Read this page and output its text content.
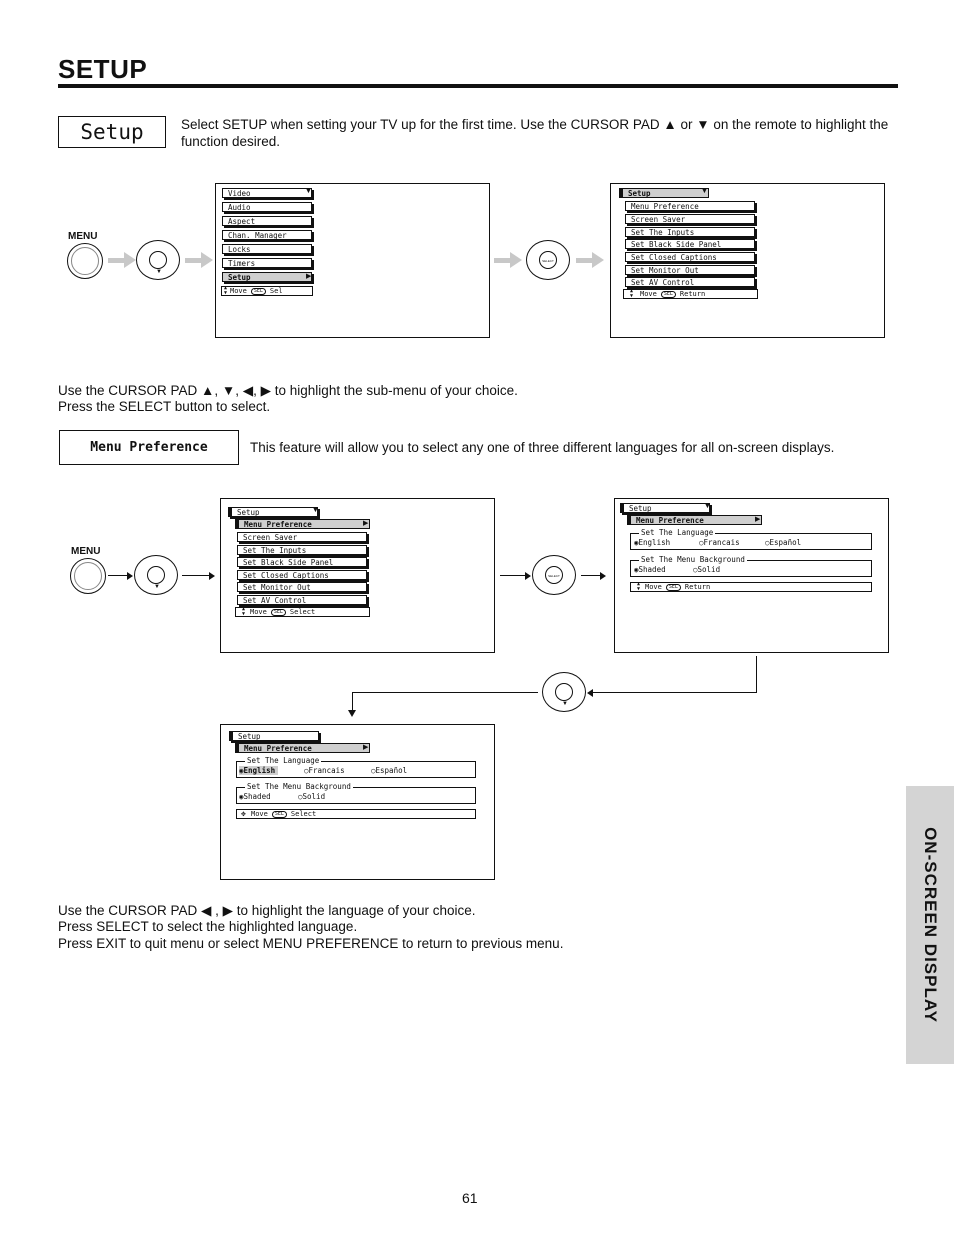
SETUP
Setup	Select SETUP when setting your TV up for the first time. Use the CURSOR PAD ▲ or ▼ on the remote to highlight the function desired.
MENU
▼
Video	▼
Audio
Aspect
Chan. Manager
Locks
Timers
Setup	▶
▲
▼ Move SEL Sel
SELECT
Setup	▼
Menu Preference
Screen Saver
Set The Inputs
Set Black Side Panel
Set Closed Captions
Set Monitor Out
Set AV Control
▲
▼ Move SEL Return
Use the CURSOR PAD ▲, ▼, ◀, ▶ to highlight the sub-menu of your choice.
Press the SELECT button to select.
Menu Preference	This feature will allow you to select any one of three different languages for all on-screen displays.
MENU
▼
Setup	▼
Menu Preference	▶
Screen Saver
Set The Inputs
Set Black Side Panel
Set Closed Captions
Set Monitor Out
Set AV Control
▲
▼ Move SEL Select
SELECT
Setup	▼
Menu Preference	▶
Set The Language
◉English	○Francais	○Español
Set The Menu Background
◉Shaded	○Solid
▲
▼ Move SEL Return
▼
Setup
Menu Preference	▶
Set The Language
◉English	○Francais	○Español
Set The Menu Background
◉Shaded	○Solid
✥ Move SEL Select
Use the CURSOR PAD ◀ , ▶ to highlight the language of your choice.
Press SELECT to select the highlighted language.
Press EXIT to quit menu or select MENU PREFERENCE to return to previous menu.	ON-SCREEN DISPLAY
61
